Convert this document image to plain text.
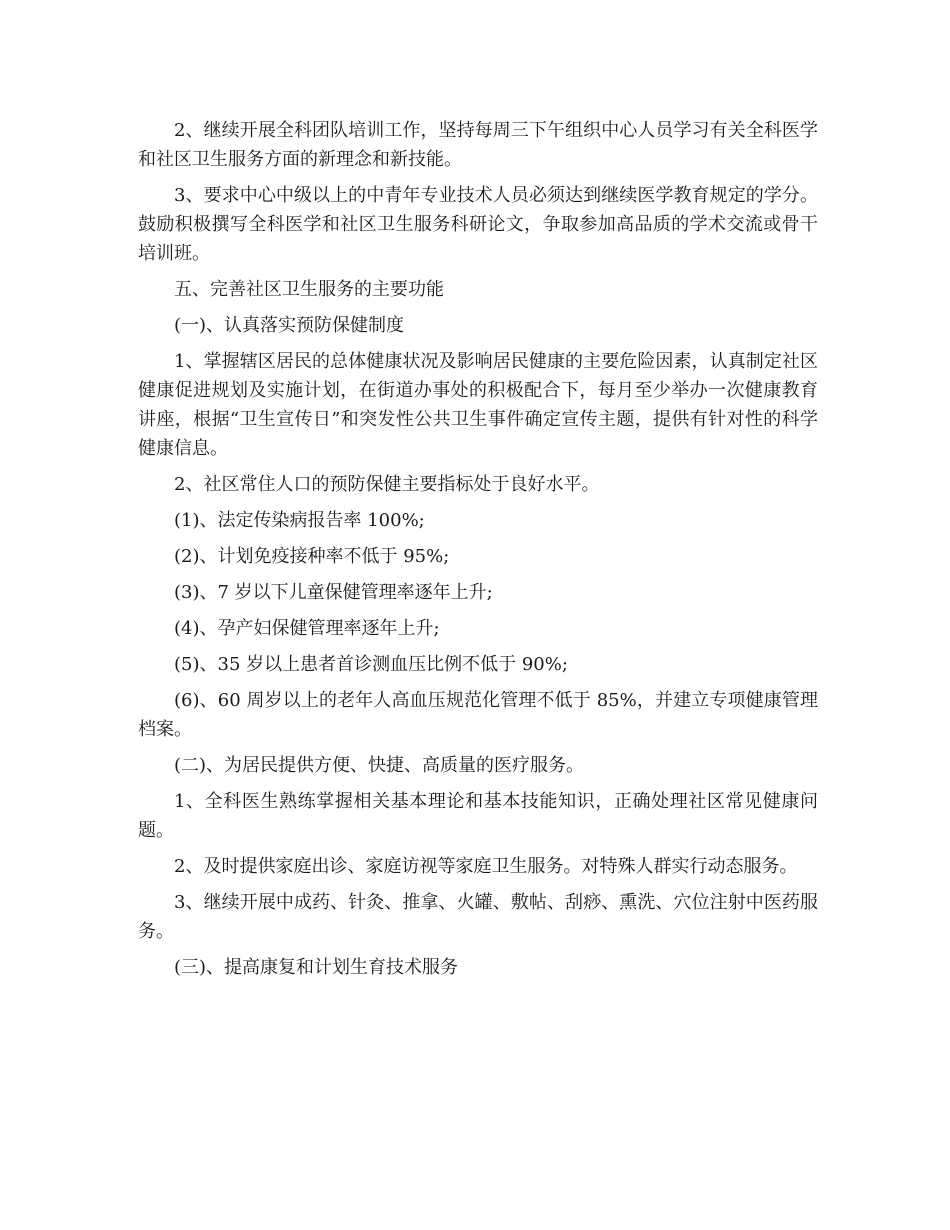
2、继续开展全科团队培训工作，坚持每周三下午组织中心人员学习有关全科医学和社区卫生服务方面的新理念和新技能。

3、要求中心中级以上的中青年专业技术人员必须达到继续医学教育规定的学分。鼓励积极撰写全科医学和社区卫生服务科研论文，争取参加高品质的学术交流或骨干培训班。

五、完善社区卫生服务的主要功能

(一)、认真落实预防保健制度

1、掌握辖区居民的总体健康状况及影响居民健康的主要危险因素，认真制定社区健康促进规划及实施计划，在街道办事处的积极配合下，每月至少举办一次健康教育讲座，根据“卫生宣传日”和突发性公共卫生事件确定宣传主题，提供有针对性的科学健康信息。

2、社区常住人口的预防保健主要指标处于良好水平。

(1)、法定传染病报告率 100%;

(2)、计划免疫接种率不低于 95%;

(3)、7 岁以下儿童保健管理率逐年上升;

(4)、孕产妇保健管理率逐年上升;

(5)、35 岁以上患者首诊测血压比例不低于 90%;

(6)、60 周岁以上的老年人高血压规范化管理不低于 85%，并建立专项健康管理档案。

(二)、为居民提供方便、快捷、高质量的医疗服务。

1、全科医生熟练掌握相关基本理论和基本技能知识，正确处理社区常见健康问题。

2、及时提供家庭出诊、家庭访视等家庭卫生服务。对特殊人群实行动态服务。

3、继续开展中成药、针灸、推拿、火罐、敷帖、刮痧、熏洗、穴位注射中医药服务。

(三)、提高康复和计划生育技术服务
